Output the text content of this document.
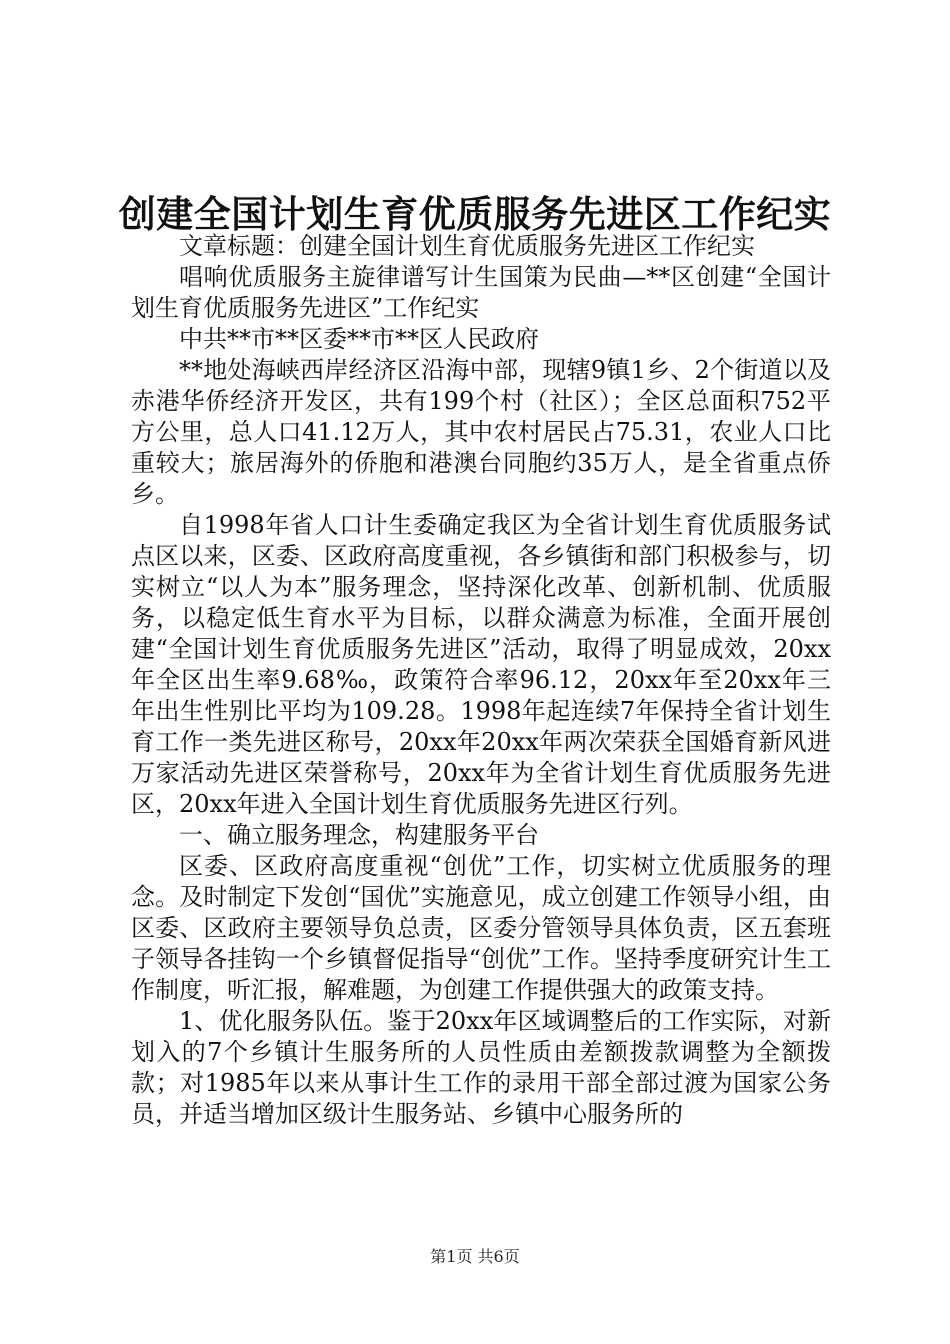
创建全国计划生育优质服务先进区工作纪实

文章标题：创建全国计划生育优质服务先进区工作纪实

唱响优质服务主旋律谱写计生国策为民曲—**区创建“全国计划生育优质服务先进区”工作纪实

中共**市**区委**市**区人民政府

**地处海峡西岸经济区沿海中部，现辖9镇1乡、2个街道以及赤港华侨经济开发区，共有199个村（社区）；全区总面积752平方公里，总人口41.12万人，其中农村居民占75.31，农业人口比重较大；旅居海外的侨胞和港澳台同胞约35万人，是全省重点侨乡。

自1998年省人口计生委确定我区为全省计划生育优质服务试点区以来，区委、区政府高度重视，各乡镇街和部门积极参与，切实树立“以人为本”服务理念，坚持深化改革、创新机制、优质服务，以稳定低生育水平为目标，以群众满意为标准，全面开展创建“全国计划生育优质服务先进区”活动，取得了明显成效，20xx年全区出生率9.68‰，政策符合率96.12，20xx年至20xx年三年出生性别比平均为109.28。1998年起连续7年保持全省计划生育工作一类先进区称号，20xx年20xx年两次荣获全国婚育新风进万家活动先进区荣誉称号，20xx年为全省计划生育优质服务先进区，20xx年进入全国计划生育优质服务先进区行列。

一、确立服务理念，构建服务平台

区委、区政府高度重视“创优”工作，切实树立优质服务的理念。及时制定下发创“国优”实施意见，成立创建工作领导小组，由区委、区政府主要领导负总责，区委分管领导具体负责，区五套班子领导各挂钩一个乡镇督促指导“创优”工作。坚持季度研究计生工作制度，听汇报，解难题，为创建工作提供强大的政策支持。

1、优化服务队伍。鉴于20xx年区域调整后的工作实际，对新划入的7个乡镇计生服务所的人员性质由差额拨款调整为全额拨款；对1985年以来从事计生工作的录用干部全部过渡为国家公务员，并适当增加区级计生服务站、乡镇中心服务所的

第1页 共6页
